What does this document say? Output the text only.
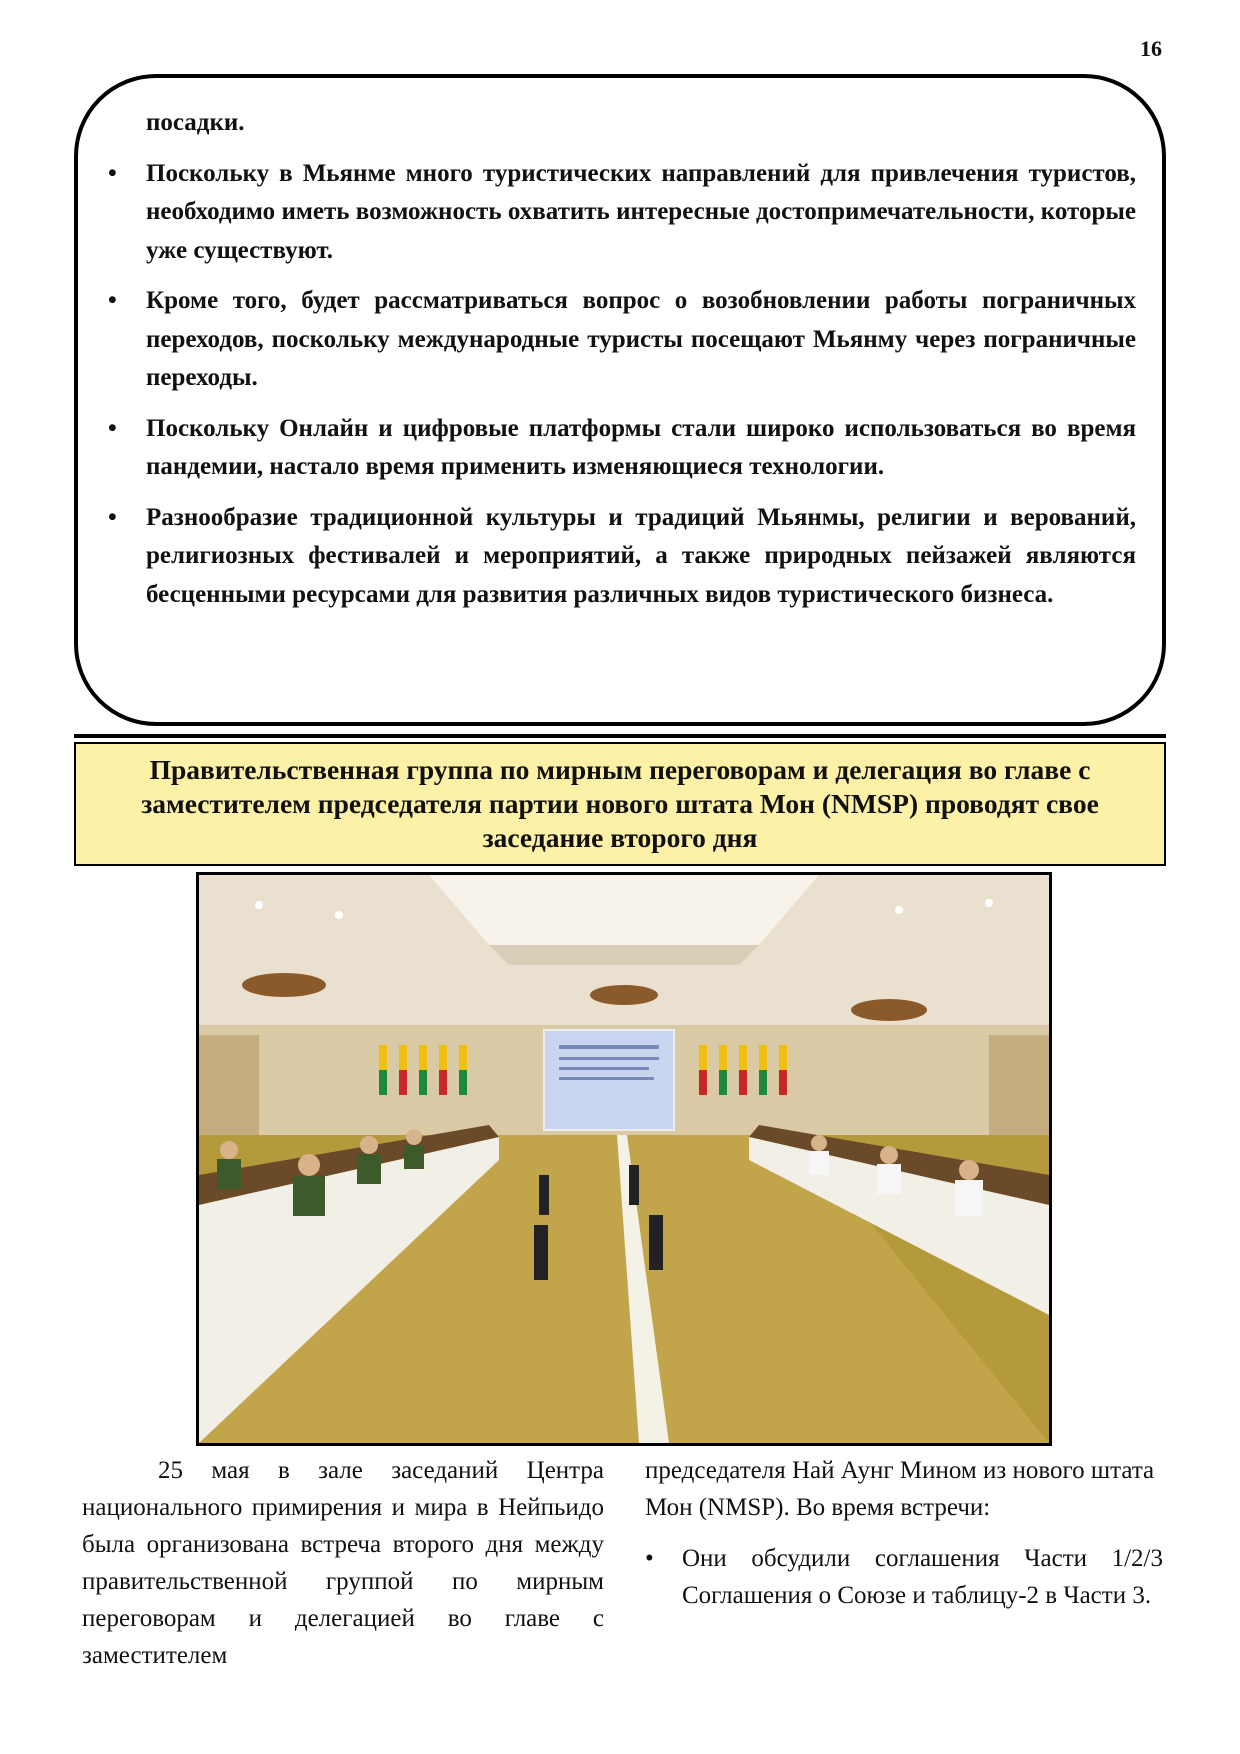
16

посадки.

• Поскольку в Мьянме много туристических направлений для привлечения туристов, необходимо иметь возможность охватить интересные достопримечательности, которые уже существуют.
• Кроме того, будет рассматриваться вопрос о возобновлении работы пограничных переходов, поскольку международные туристы посещают Мьянму через пограничные переходы.
• Поскольку Онлайн и цифровые платформы стали широко использоваться во время пандемии, настало время применить изменяющиеся технологии.
• Разнообразие традиционной культуры и традиций Мьянмы, религии и верований, религиозных фестивалей и мероприятий, а также природных пейзажей являются бесценными ресурсами для развития различных видов туристического бизнеса.
Правительственная группа по мирным переговорам и делегация во главе с заместителем председателя партии нового штата Мон (NMSP) проводят свое заседание второго дня

25 мая в зале заседаний Центра национального примирения и мира в Нейпьидо была организована встреча второго дня между правительственной группой по мирным переговорам и делегацией во главе с заместителем

председателя Най Аунг Мином из нового штата Мон (NMSP). Во время встречи:

• Они обсудили соглашения Части 1/2/3 Соглашения о Союзе и таблицу-2 в Части 3.
